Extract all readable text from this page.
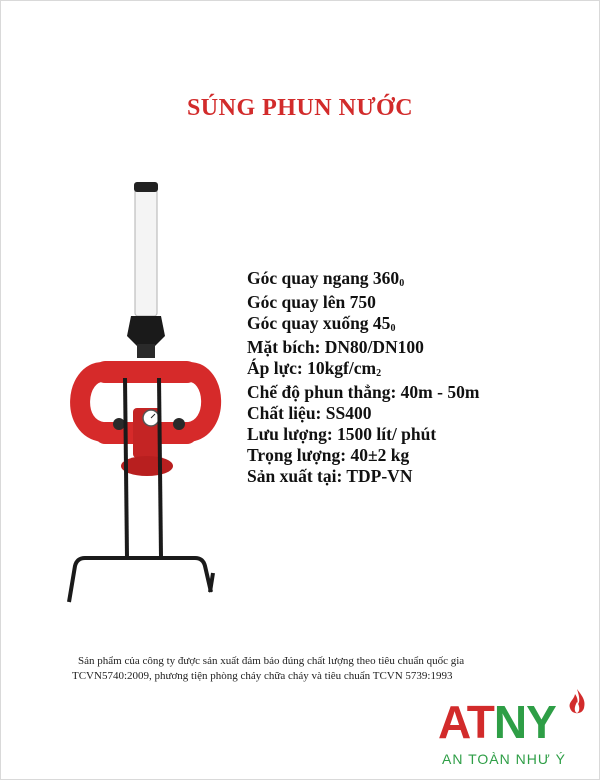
SÚNG PHUN NƯỚC
Góc quay ngang $360_0$
Góc quay lên 750
Góc quay xuống $45_0$
Mặt bích: DN80/DN100
Áp lực: $10kgf/cm_2$
Chế độ phun thẳng: 40m - 50m
Chất liệu: SS400
Lưu lượng: 1500 lít/ phút
Trọng lượng: 40±2 kg
Sản xuất tại: TDP-VN
Sản phẩm của công ty được sản xuất đảm bảo đúng chất lượng theo tiêu chuẩn quốc gia
TCVN5740:2009, phương tiện phòng cháy chữa cháy và tiêu chuẩn TCVN 5739:1993
ATNY
AN TOÀN NHƯ Ý
